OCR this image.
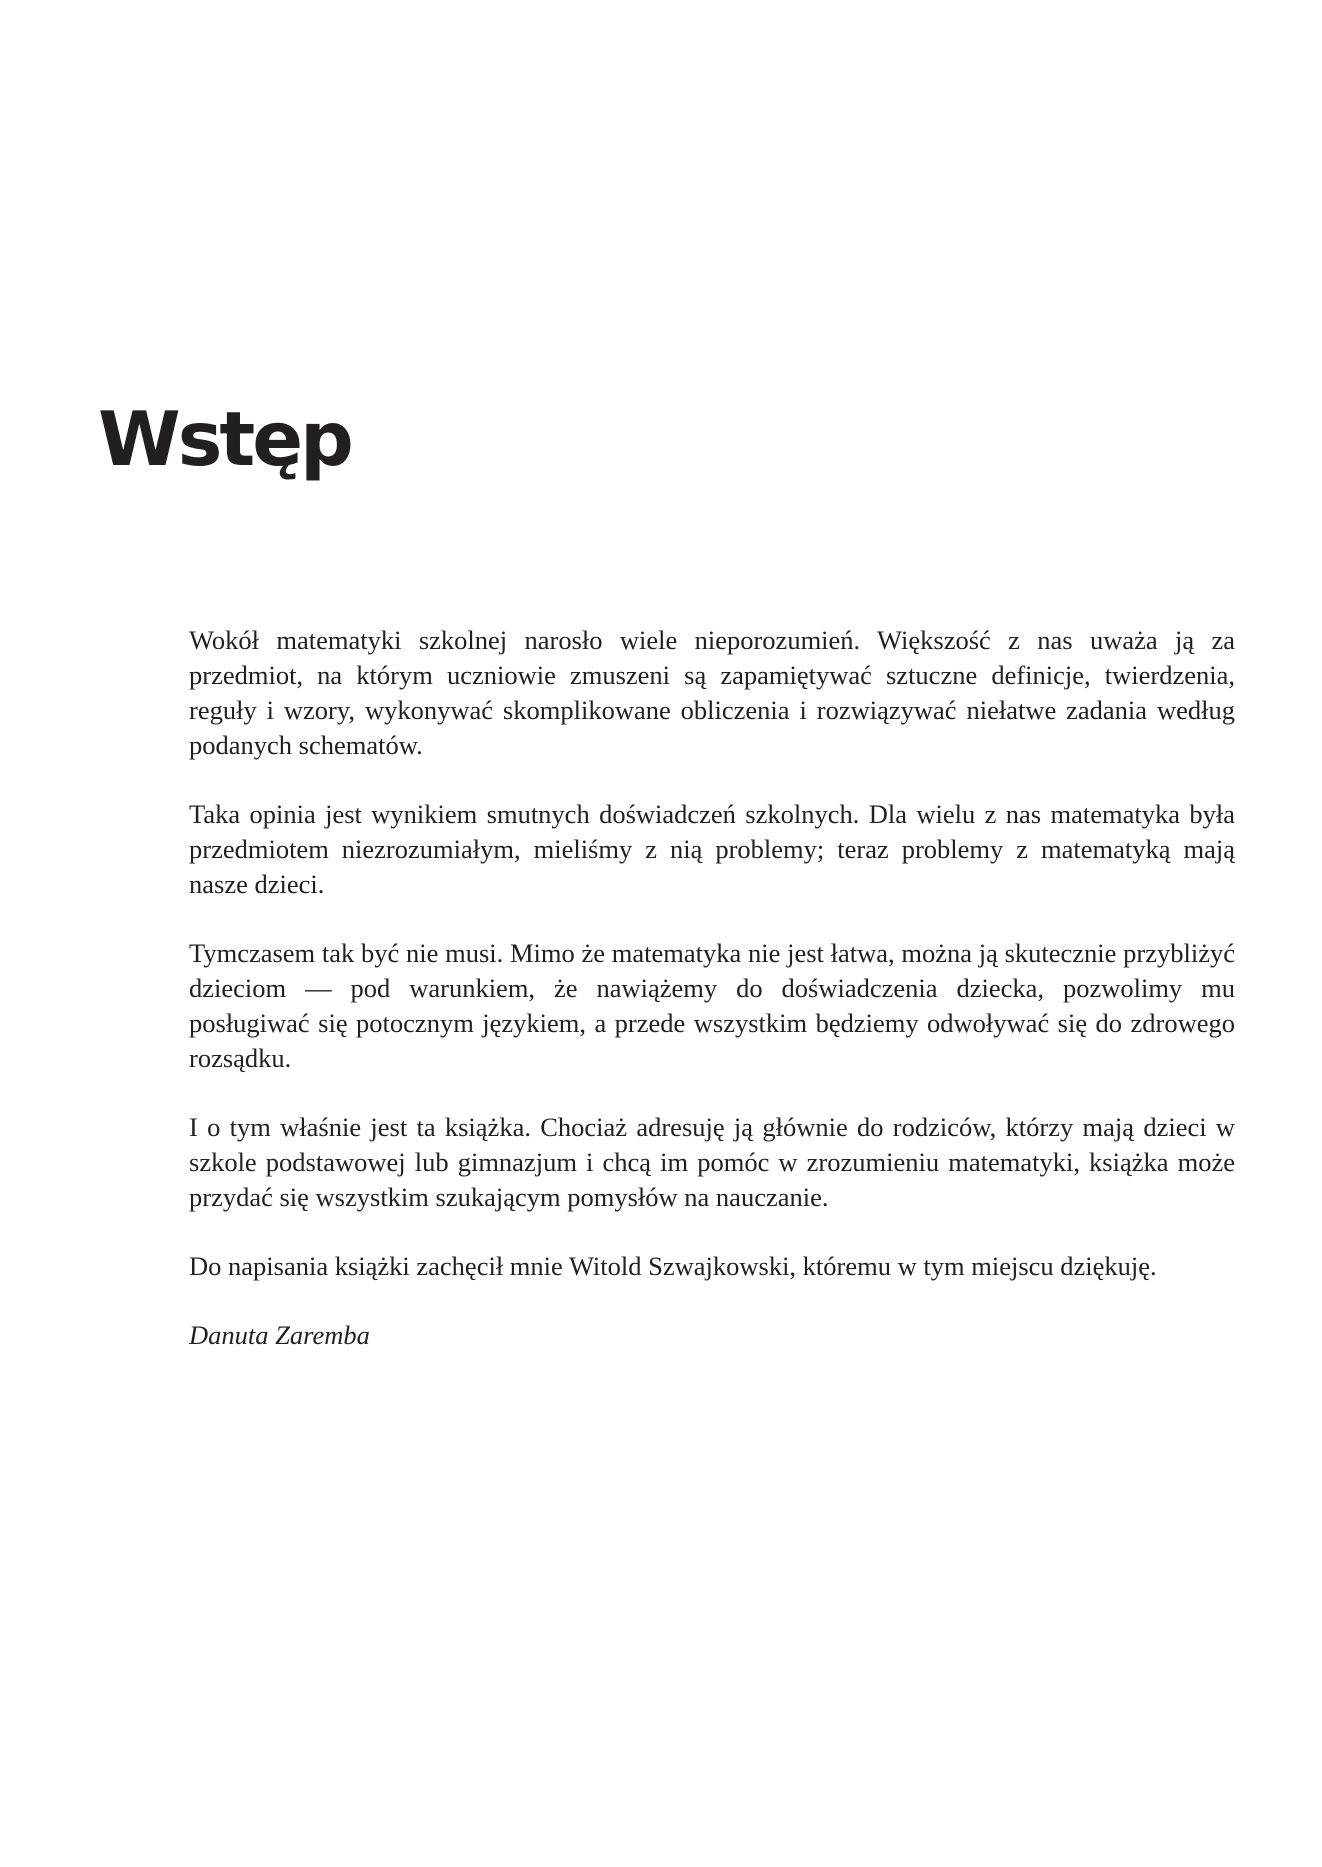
Wstęp

Wokół matematyki szkolnej narosło wiele nieporozumień. Większość z nas uważa ją za przedmiot, na którym uczniowie zmuszeni są zapamiętywać sztuczne definicje, twierdzenia, reguły i wzory, wykonywać skomplikowane obliczenia i rozwiązywać niełatwe zadania według podanych schematów.

Taka opinia jest wynikiem smutnych doświadczeń szkolnych. Dla wielu z nas matematyka była przedmiotem niezrozumiałym, mieliśmy z nią problemy; teraz problemy z matematyką mają nasze dzieci.

Tymczasem tak być nie musi. Mimo że matematyka nie jest łatwa, można ją skutecznie przybliżyć dzieciom — pod warunkiem, że nawiążemy do doświadczenia dziecka, pozwolimy mu posługiwać się potocznym językiem, a przede wszystkim będziemy odwoływać się do zdrowego rozsądku.

I o tym właśnie jest ta książka. Chociaż adresuję ją głównie do rodziców, którzy mają dzieci w szkole podstawowej lub gimnazjum i chcą im pomóc w zrozumieniu matematyki, książka może przydać się wszystkim szukającym pomysłów na nauczanie.

Do napisania książki zachęcił mnie Witold Szwajkowski, któremu w tym miejscu dziękuję.

Danuta Zaremba
